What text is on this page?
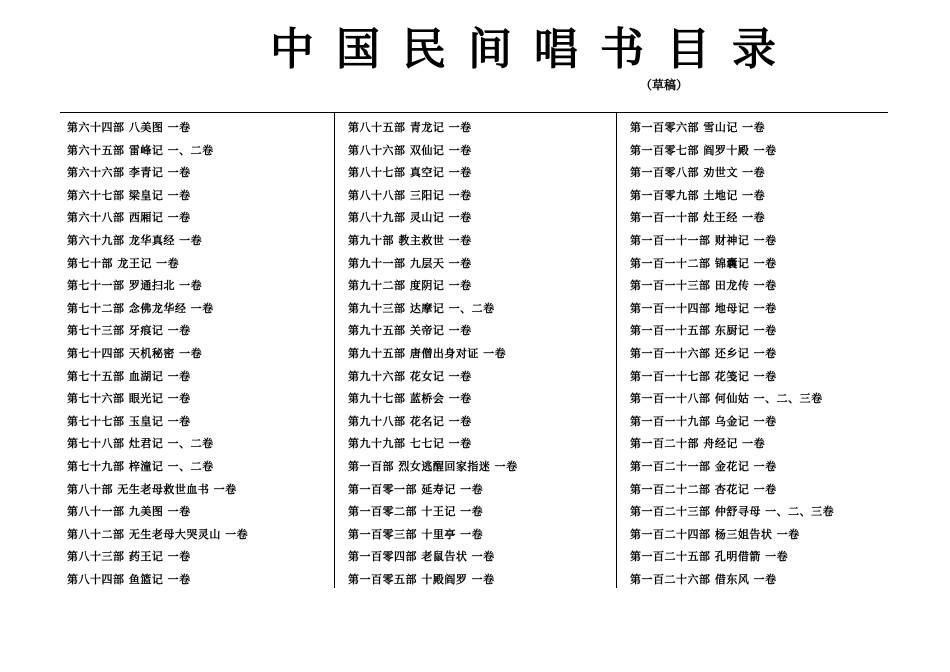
中国民间唱书目录
（草稿）
第六十四部 八美图 一卷
第六十五部 雷峰记 一、二卷
第六十六部 李青记 一卷
第六十七部 梁皇记 一卷
第六十八部 西厢记 一卷
第六十九部 龙华真经 一卷
第七十部 龙王记 一卷
第七十一部 罗通扫北 一卷
第七十二部 念佛龙华经 一卷
第七十三部 牙痕记 一卷
第七十四部 天机秘密 一卷
第七十五部 血湖记 一卷
第七十六部 眼光记 一卷
第七十七部 玉皇记 一卷
第七十八部 灶君记 一、二卷
第七十九部 梓潼记 一、二卷
第八十部 无生老母救世血书 一卷
第八十一部 九美图 一卷
第八十二部 无生老母大哭灵山 一卷
第八十三部 药王记 一卷
第八十四部 鱼篮记 一卷
第八十五部 青龙记 一卷
第八十六部 双仙记 一卷
第八十七部 真空记 一卷
第八十八部 三阳记 一卷
第八十九部 灵山记 一卷
第九十部 教主救世 一卷
第九十一部 九层天 一卷
第九十二部 度阴记 一卷
第九十三部 达摩记 一、二卷
第九十五部 关帝记 一卷
第九十五部 唐僧出身对证 一卷
第九十六部 花女记 一卷
第九十七部 蓝桥会 一卷
第九十八部 花名记 一卷
第九十九部 七七记 一卷
第一百部 烈女逃醒回家指迷 一卷
第一百零一部 延寿记 一卷
第一百零二部 十王记 一卷
第一百零三部 十里亭 一卷
第一百零四部 老鼠告状 一卷
第一百零五部 十殿阎罗 一卷
第一百零六部 雪山记 一卷
第一百零七部 阎罗十殿 一卷
第一百零八部 劝世文 一卷
第一百零九部 土地记 一卷
第一百一十部 灶王经 一卷
第一百一十一部 财神记 一卷
第一百一十二部 锦囊记 一卷
第一百一十三部 田龙传 一卷
第一百一十四部 地母记 一卷
第一百一十五部 东厨记 一卷
第一百一十六部 还乡记 一卷
第一百一十七部 花笺记 一卷
第一百一十八部 何仙姑 一、二、三卷
第一百一十九部 乌金记 一卷
第一百二十部 舟经记 一卷
第一百二十一部 金花记 一卷
第一百二十二部 杏花记 一卷
第一百二十三部 仲舒寻母 一、二、三卷
第一百二十四部 杨三姐告状 一卷
第一百二十五部 孔明借箭 一卷
第一百二十六部 借东风 一卷
